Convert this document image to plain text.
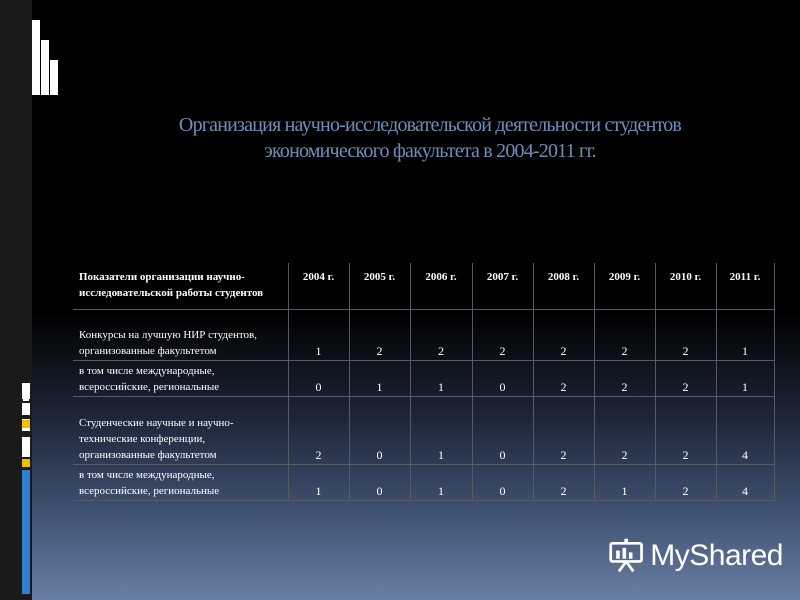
Организация научно-исследовательской деятельности студентов
экономического факультета в 2004-2011 гг.
Показатели организации научно-исследовательской работы студентов	2004 г.	2005 г.	2006 г.	2007 г.	2008 г.	2009 г.	2010 г.	2011 г.
Конкурсы на лучшую НИР студентов, организованные факультетом	1	2	2	2	2	2	2	1
в том числе международные, всероссийские, региональные	0	1	1	0	2	2	2	1
Студенческие научные и научно-технические конференции, организованные факультетом	2	0	1	0	2	2	2	4
в том числе международные, всероссийские, региональные	1	0	1	0	2	1	2	4
MyShared
